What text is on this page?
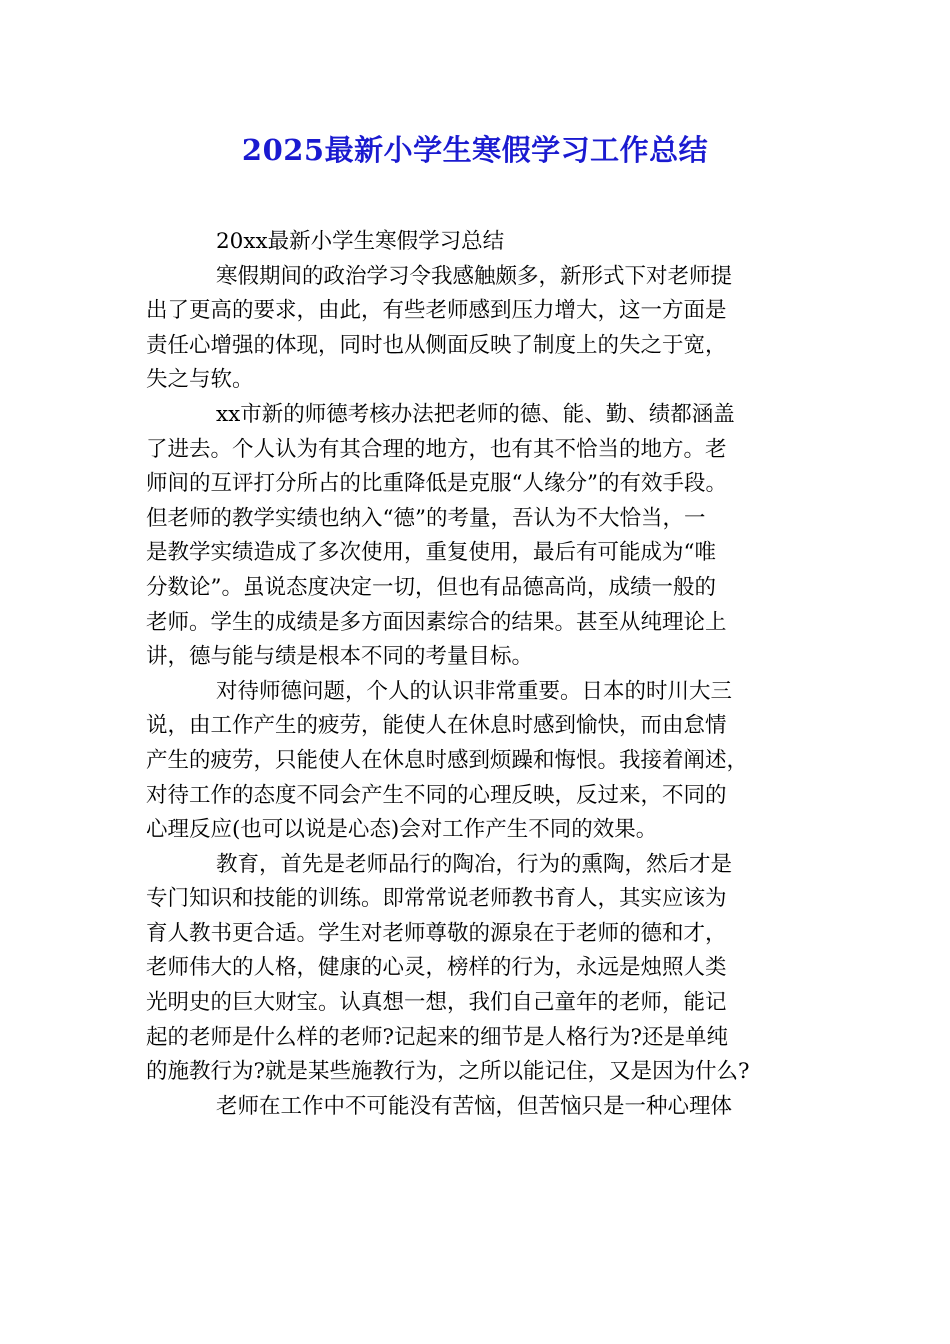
2025最新小学生寒假学习工作总结
20xx最新小学生寒假学习总结
寒假期间的政治学习令我感触颇多，新形式下对老师提
出了更高的要求，由此，有些老师感到压力增大，这一方面是
责任心增强的体现，同时也从侧面反映了制度上的失之于宽，
失之与软。
xx市新的师德考核办法把老师的德、能、勤、绩都涵盖
了进去。个人认为有其合理的地方，也有其不恰当的地方。老
师间的互评打分所占的比重降低是克服“人缘分”的有效手段。
但老师的教学实绩也纳入“德”的考量，吾认为不大恰当，一
是教学实绩造成了多次使用，重复使用，最后有可能成为“唯
分数论”。虽说态度决定一切，但也有品德高尚，成绩一般的
老师。学生的成绩是多方面因素综合的结果。甚至从纯理论上
讲，德与能与绩是根本不同的考量目标。
对待师德问题，个人的认识非常重要。日本的时川大三
说，由工作产生的疲劳，能使人在休息时感到愉快，而由怠情
产生的疲劳，只能使人在休息时感到烦躁和悔恨。我接着阐述，
对待工作的态度不同会产生不同的心理反映，反过来，不同的
心理反应(也可以说是心态)会对工作产生不同的效果。
教育，首先是老师品行的陶冶，行为的熏陶，然后才是
专门知识和技能的训练。即常常说老师教书育人，其实应该为
育人教书更合适。学生对老师尊敬的源泉在于老师的德和才，
老师伟大的人格，健康的心灵，榜样的行为，永远是烛照人类
光明史的巨大财宝。认真想一想，我们自己童年的老师，能记
起的老师是什么样的老师?记起来的细节是人格行为?还是单纯
的施教行为?就是某些施教行为，之所以能记住，又是因为什么?
老师在工作中不可能没有苦恼，但苦恼只是一种心理体
